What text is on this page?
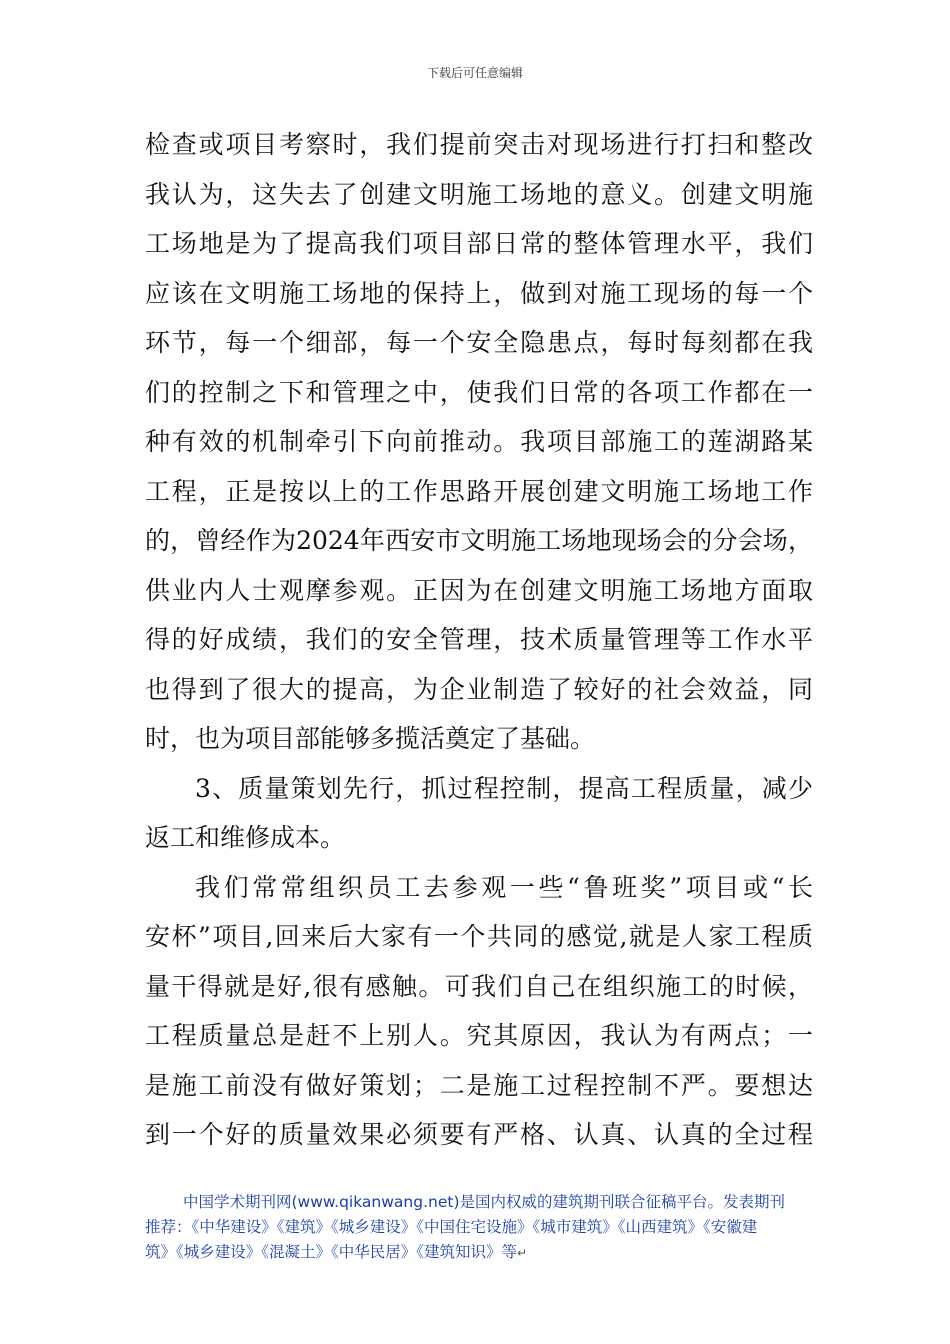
下载后可任意编辑
检查或项目考察时，我们提前突击对现场进行打扫和整改
我认为，这失去了创建文明施工场地的意义。创建文明施
工场地是为了提高我们项目部日常的整体管理水平，我们
应该在文明施工场地的保持上，做到对施工现场的每一个
环节，每一个细部，每一个安全隐患点，每时每刻都在我
们的控制之下和管理之中，使我们日常的各项工作都在一
种有效的机制牵引下向前推动。我项目部施工的莲湖路某
工程，正是按以上的工作思路开展创建文明施工场地工作
的，曾经作为2024年西安市文明施工场地现场会的分会场，
供业内人士观摩参观。正因为在创建文明施工场地方面取
得的好成绩，我们的安全管理，技术质量管理等工作水平
也得到了很大的提高，为企业制造了较好的社会效益，同
时，也为项目部能够多揽活奠定了基础。
3、质量策划先行，抓过程控制，提高工程质量，减少
返工和维修成本。
我们常常组织员工去参观一些“鲁班奖”项目或“长
安杯”项目,回来后大家有一个共同的感觉,就是人家工程质
量干得就是好,很有感触。可我们自己在组织施工的时候，
工程质量总是赶不上别人。究其原因，我认为有两点；一
是施工前没有做好策划；二是施工过程控制不严。要想达
到一个好的质量效果必须要有严格、认真、认真的全过程
中国学术期刊网(www.qikanwang.net)是国内权威的建筑期刊联合征稿平台。发表期刊
推荐：《中华建设》《建筑》《城乡建设》《中国住宅设施》《城市建筑》《山西建筑》《安徽建
筑》《城乡建设》《混凝土》《中华民居》《建筑知识》等↵
